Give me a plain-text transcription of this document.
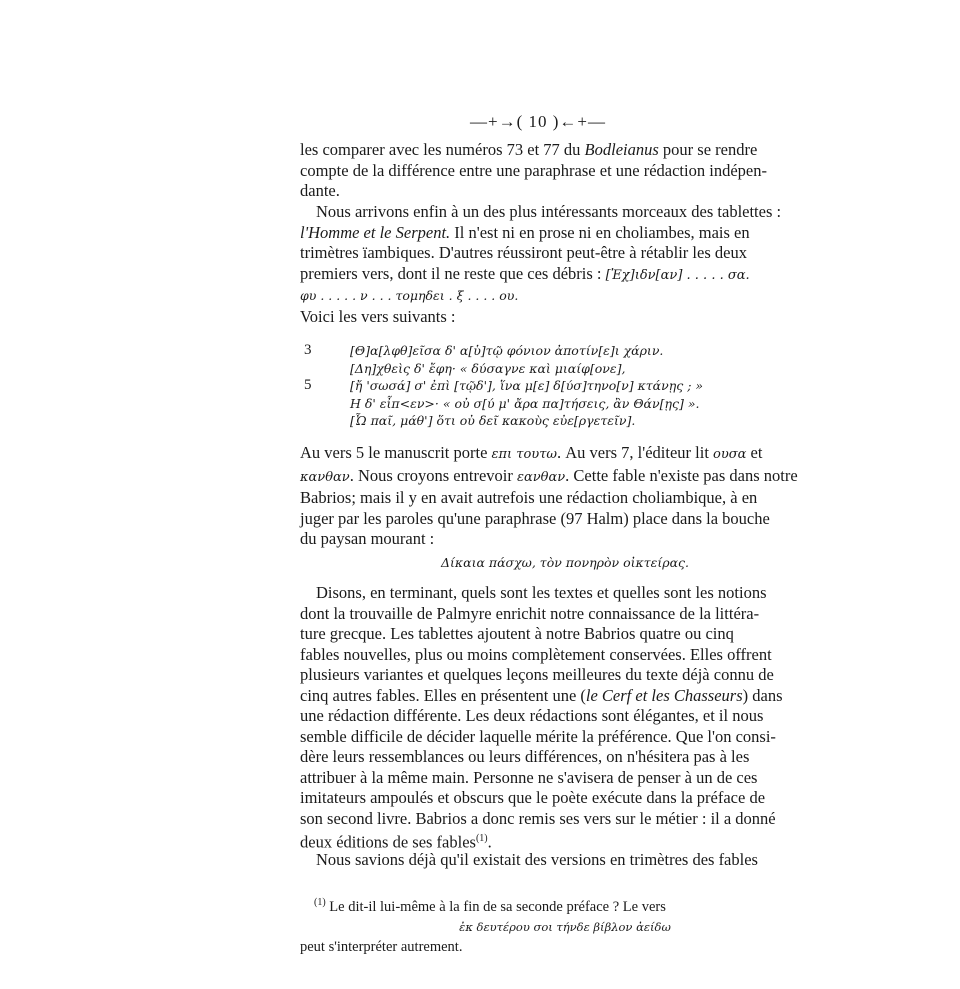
—+→( 10 )←+—
les comparer avec les numéros 73 et 77 du Bodleianus pour se rendre
compte de la différence entre une paraphrase et une rédaction indépen-
dante.
Nous arrivons enfin à un des plus intéressants morceaux des tablettes :
l'Homme et le Serpent. Il n'est ni en prose ni en choliambes, mais en
trimètres ïambiques. D'autres réussiront peut-être à rétablir les deux
premiers vers, dont il ne reste que ces débris : [Ἐχ]ιδν[αν] . . . . . σα.
φυ . . . . . ν . . . τομηδει . ξ . . . . ου.
Voici les vers suivants :
3	[Θ]α[λφθ]εῖσα δ' α[ὑ]τῷ φόνιον ἀποτίν[ε]ι χάριν.
[Δη]χθεὶς δ' ἔφη· « δύσαγνε καὶ μιαίφ[ονε],
5	[ἤ 'σωσά] σ' ἐπὶ [τῷδ'], ἵνα μ[ε] δ[ύσ]τηνο[ν] κτάνῃς ; »
Η δ' εἶπ<εν>· « οὐ σ[ύ μ' ἄρα πα]τήσεις, ἂν Θάν[ῃς] ».
[Ὦ παῖ, μάθ'] ὅτι οὐ δεῖ κακοὺς εὐε[ργετεῖν].
Au vers 5 le manuscrit porte επι τουτω. Au vers 7, l'éditeur lit ουσα et
κανθαν. Nous croyons entrevoir εανθαν. Cette fable n'existe pas dans notre
Babrios; mais il y en avait autrefois une rédaction choliambique, à en
juger par les paroles qu'une paraphrase (97 Halm) place dans la bouche
du paysan mourant :
Δίκαια πάσχω, τὸν πονηρὸν οἰκτείρας.
Disons, en terminant, quels sont les textes et quelles sont les notions
dont la trouvaille de Palmyre enrichit notre connaissance de la littéra-
ture grecque. Les tablettes ajoutent à notre Babrios quatre ou cinq
fables nouvelles, plus ou moins complètement conservées. Elles offrent
plusieurs variantes et quelques leçons meilleures du texte déjà connu de
cinq autres fables. Elles en présentent une (le Cerf et les Chasseurs) dans
une rédaction différente. Les deux rédactions sont élégantes, et il nous
semble difficile de décider laquelle mérite la préférence. Que l'on consi-
dère leurs ressemblances ou leurs différences, on n'hésitera pas à les
attribuer à la même main. Personne ne s'avisera de penser à un de ces
imitateurs ampoulés et obscurs que le poète exécute dans la préface de
son second livre. Babrios a donc remis ses vers sur le métier : il a donné
deux éditions de ses fables$^{(1)}$.
Nous savions déjà qu'il existait des versions en trimètres des fables
$^{(1)}$ Le dit-il lui-même à la fin de sa seconde préface ? Le vers
ἐκ δευτέρου σοι τήνδε βίβλον ἀείδω
peut s'interpréter autrement.
